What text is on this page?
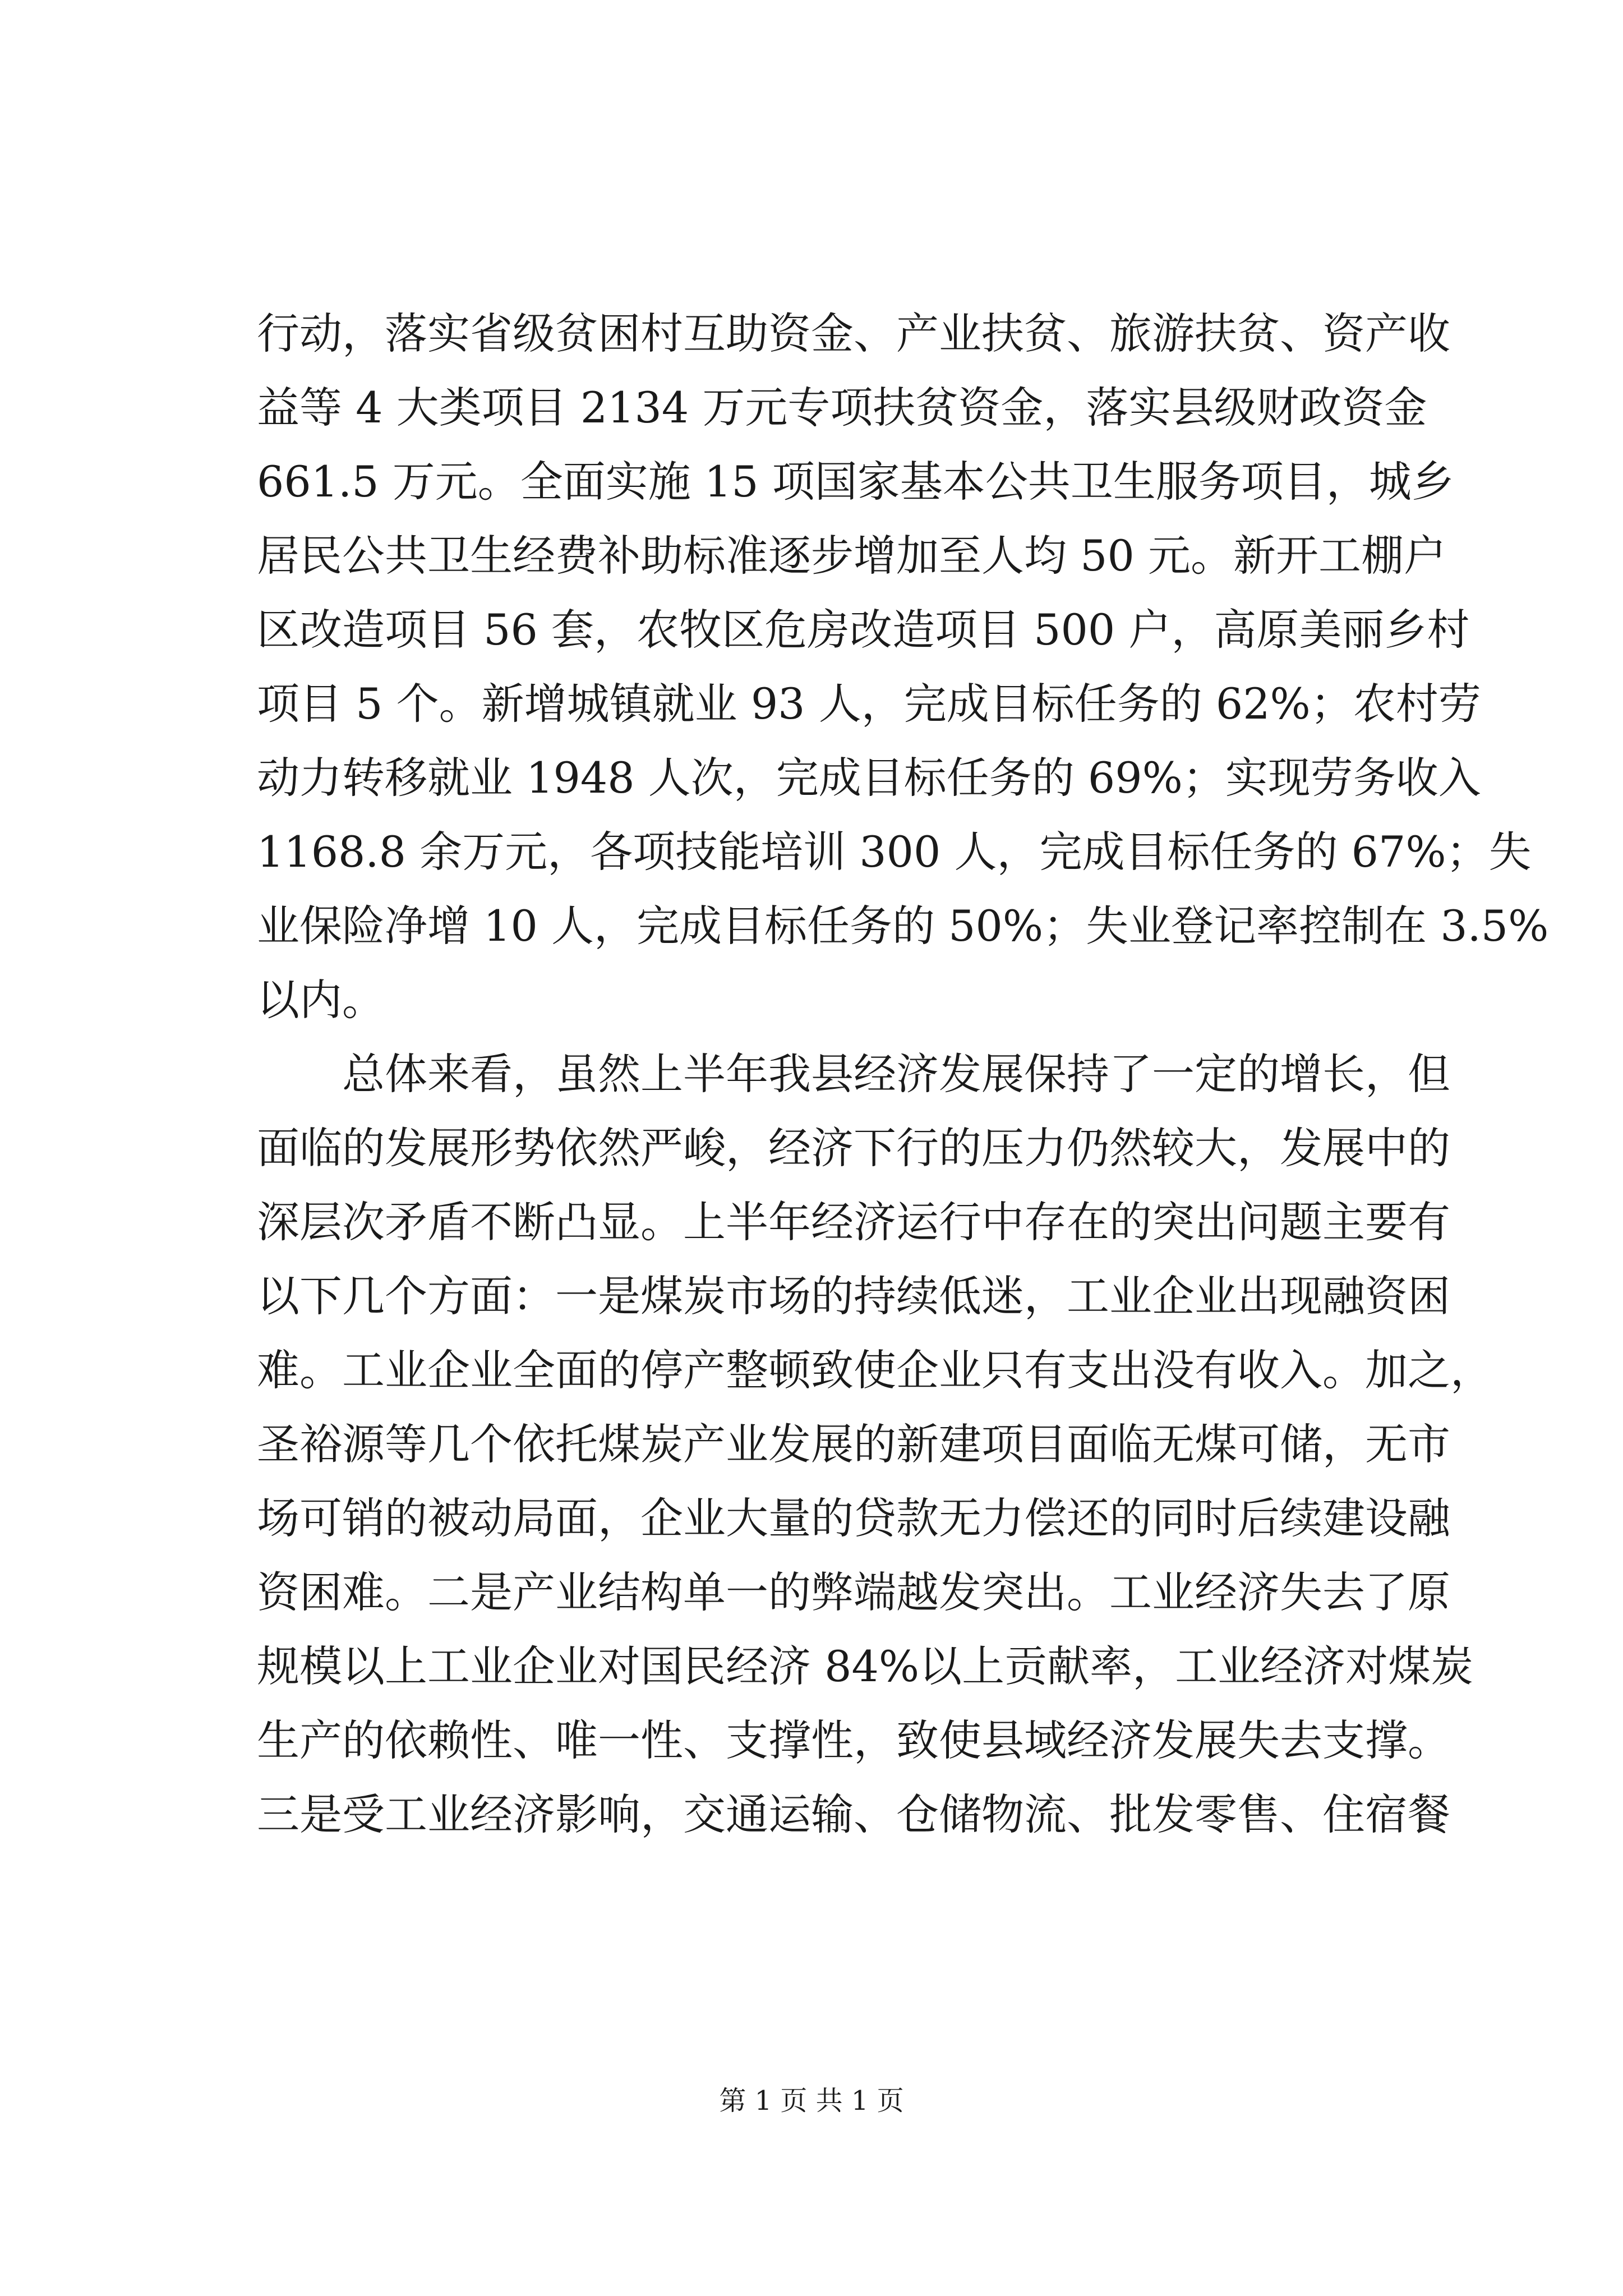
行动，落实省级贫困村互助资金、产业扶贫、旅游扶贫、资产收
益等 4 大类项目 2134 万元专项扶贫资金，落实县级财政资金
661.5 万元。全面实施 15 项国家基本公共卫生服务项目，城乡
居民公共卫生经费补助标准逐步增加至人均 50 元。新开工棚户
区改造项目 56 套，农牧区危房改造项目 500 户，高原美丽乡村
项目 5 个。新增城镇就业 93 人，完成目标任务的 62%；农村劳
动力转移就业 1948 人次，完成目标任务的 69%；实现劳务收入
1168.8 余万元，各项技能培训 300 人，完成目标任务的 67%；失
业保险净增 10 人，完成目标任务的 50%；失业登记率控制在 3.5%
以内。
总体来看，虽然上半年我县经济发展保持了一定的增长，但
面临的发展形势依然严峻，经济下行的压力仍然较大，发展中的
深层次矛盾不断凸显。上半年经济运行中存在的突出问题主要有
以下几个方面：一是煤炭市场的持续低迷，工业企业出现融资困
难。工业企业全面的停产整顿致使企业只有支出没有收入。加之，
圣裕源等几个依托煤炭产业发展的新建项目面临无煤可储，无市
场可销的被动局面，企业大量的贷款无力偿还的同时后续建设融
资困难。二是产业结构单一的弊端越发突出。工业经济失去了原
规模以上工业企业对国民经济 84%以上贡献率，工业经济对煤炭
生产的依赖性、唯一性、支撑性，致使县域经济发展失去支撑。
三是受工业经济影响，交通运输、仓储物流、批发零售、住宿餐
第 1 页 共 1 页
